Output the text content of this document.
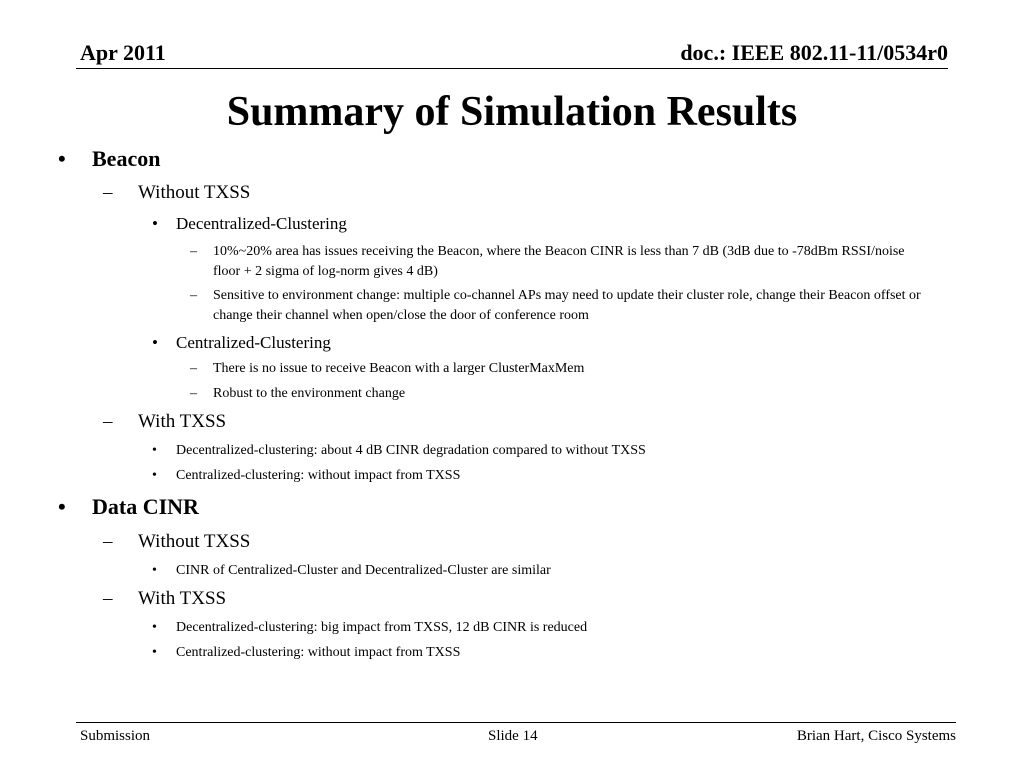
Apr 2011	doc.: IEEE 802.11-11/0534r0
Summary of Simulation Results
• Beacon
– Without TXSS
• Decentralized-Clustering
– 10%~20% area has issues receiving the Beacon, where the Beacon CINR is less than 7 dB (3dB due to -78dBm RSSI/noise floor + 2 sigma of log-norm gives 4 dB)
– Sensitive to environment change: multiple co-channel APs may need to update their cluster role, change their Beacon offset or change their channel when open/close the door of conference room
• Centralized-Clustering
– There is no issue to receive Beacon with a larger ClusterMaxMem
– Robust to the environment change
– With TXSS
• Decentralized-clustering: about 4 dB CINR degradation compared to without TXSS
• Centralized-clustering: without impact from TXSS
• Data CINR
– Without TXSS
• CINR of Centralized-Cluster and Decentralized-Cluster are similar
– With TXSS
• Decentralized-clustering: big impact from TXSS, 12 dB CINR is reduced
• Centralized-clustering: without impact from TXSS
Submission	Slide 14	Brian Hart, Cisco Systems
